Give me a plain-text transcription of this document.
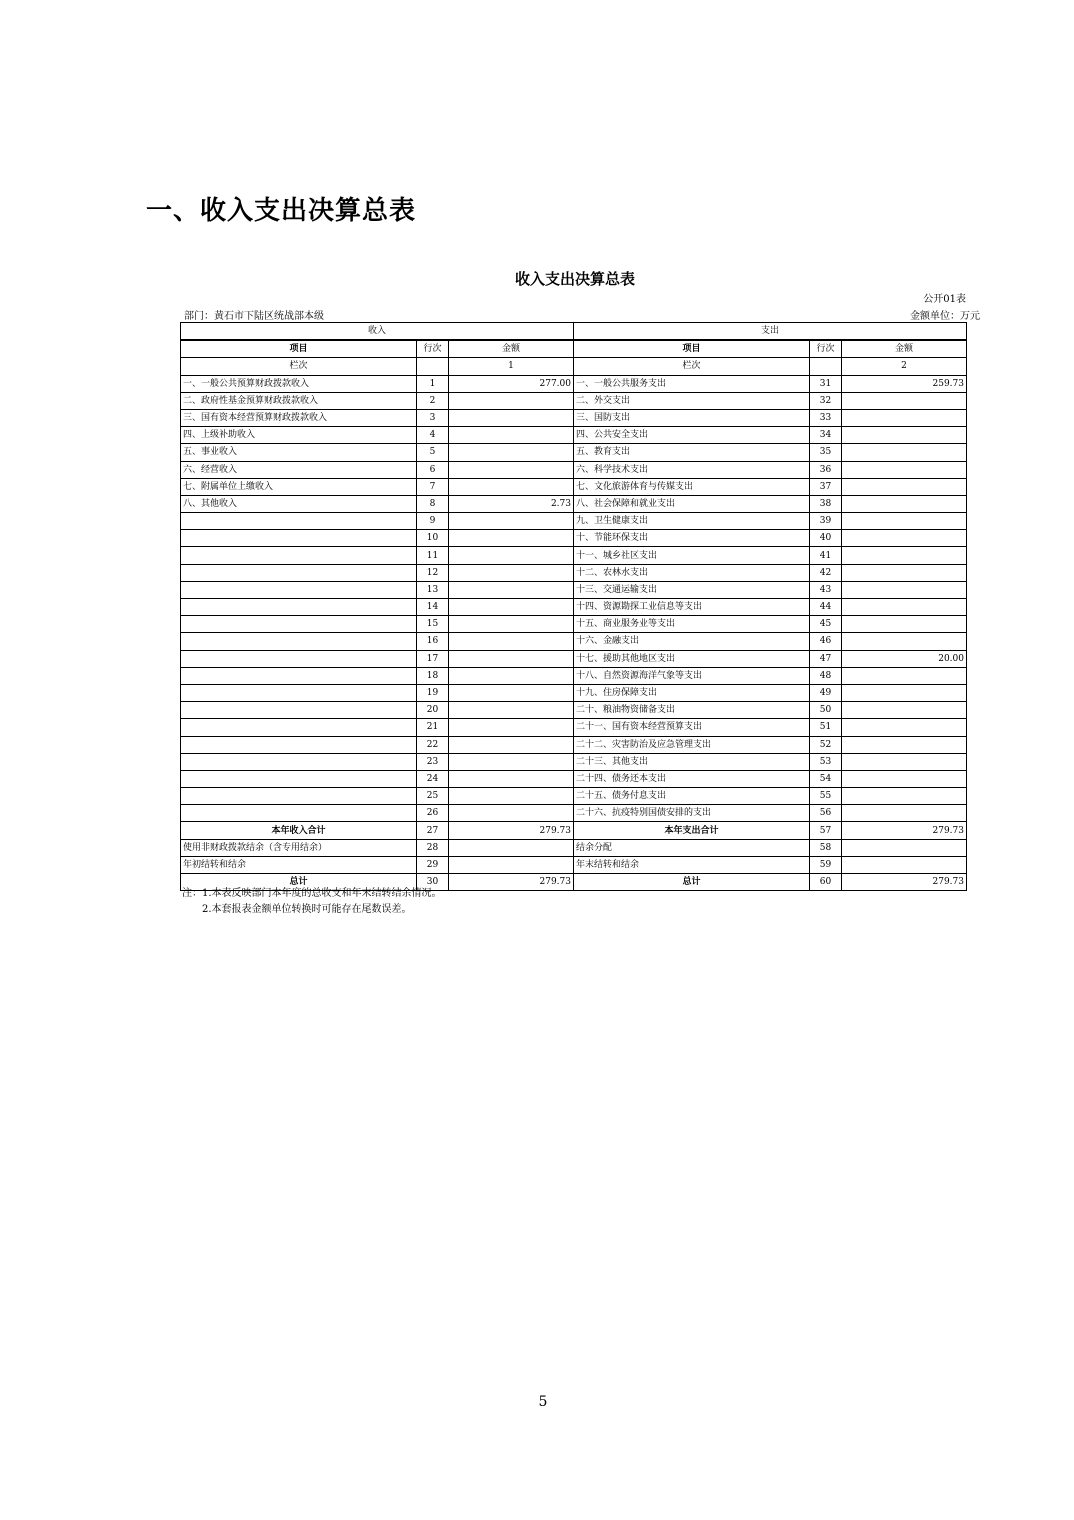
一、收入支出决算总表
收入支出决算总表
公开01表
部门：黄石市下陆区统战部本级	金额单位：万元
收入			支出		
项目	行次	金额	项目	行次	金额
栏次		1	栏次		2
一、一般公共预算财政拨款收入	1	277.00	一、一般公共服务支出	31	259.73
二、政府性基金预算财政拨款收入	2		二、外交支出	32	
三、国有资本经营预算财政拨款收入	3		三、国防支出	33	
四、上级补助收入	4		四、公共安全支出	34	
五、事业收入	5		五、教育支出	35	
六、经营收入	6		六、科学技术支出	36	
七、附属单位上缴收入	7		七、文化旅游体育与传媒支出	37	
八、其他收入	8	2.73	八、社会保障和就业支出	38	
	9		九、卫生健康支出	39	
	10		十、节能环保支出	40	
	11		十一、城乡社区支出	41	
	12		十二、农林水支出	42	
	13		十三、交通运输支出	43	
	14		十四、资源勘探工业信息等支出	44	
	15		十五、商业服务业等支出	45	
	16		十六、金融支出	46	
	17		十七、援助其他地区支出	47	20.00
	18		十八、自然资源海洋气象等支出	48	
	19		十九、住房保障支出	49	
	20		二十、粮油物资储备支出	50	
	21		二十一、国有资本经营预算支出	51	
	22		二十二、灾害防治及应急管理支出	52	
	23		二十三、其他支出	53	
	24		二十四、债务还本支出	54	
	25		二十五、债务付息支出	55	
	26		二十六、抗疫特别国债安排的支出	56	
本年收入合计	27	279.73	本年支出合计	57	279.73
使用非财政拨款结余（含专用结余）	28		结余分配	58	
年初结转和结余	29		年末结转和结余	59	
总计	30	279.73	总计	60	279.73
注：1.本表反映部门本年度的总收支和年末结转结余情况。
2.本套报表金额单位转换时可能存在尾数误差。
5
